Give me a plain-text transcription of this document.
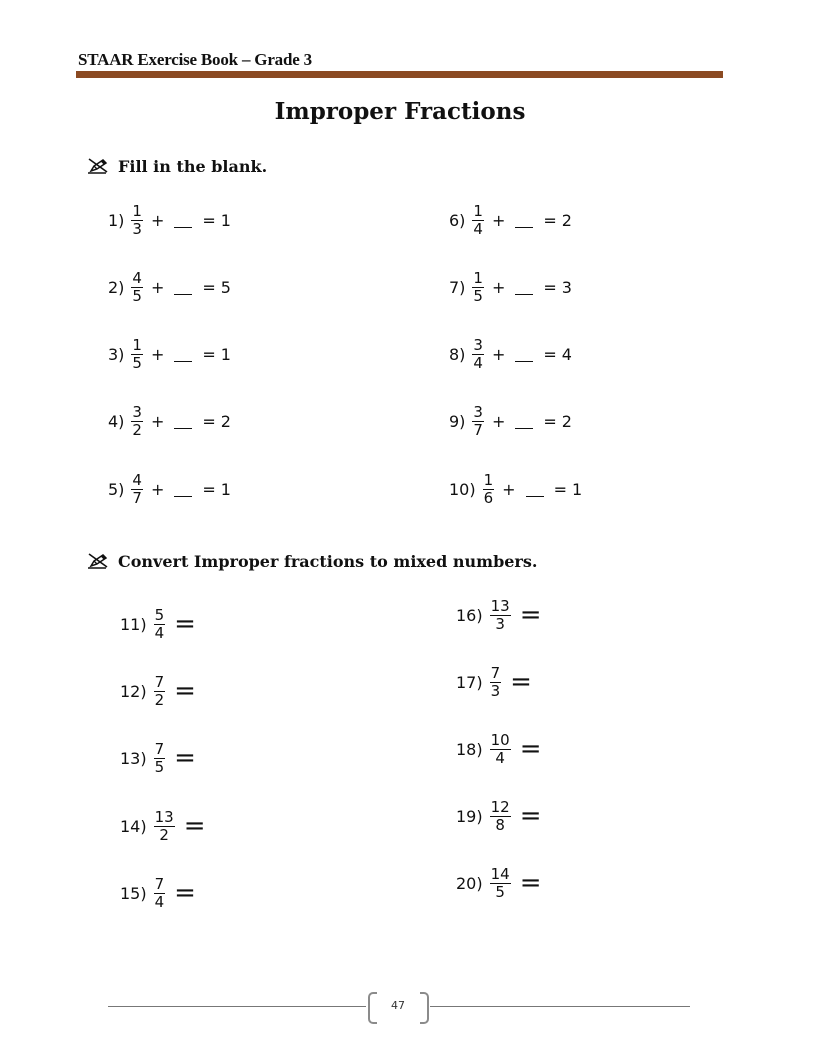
STAAR Exercise Book – Grade 3
Improper Fractions
Fill in the blank.
$1) \frac{1}{3}$ + = 1
$2) \frac{4}{5}$ + = 5
$3) \frac{1}{5}$ + = 1
$4) \frac{3}{2}$ + = 2
$5) \frac{4}{7}$ + = 1
$6) \frac{1}{4}$ + = 2
$7) \frac{1}{5}$ + = 3
$8) \frac{3}{4}$ + = 4
$9) \frac{3}{7}$ + = 2
$10) \frac{1}{6}$ + = 1
Convert Improper fractions to mixed numbers.
$11) \frac{5}{4}$ =
$12) \frac{7}{2}$ =
$13) \frac{7}{5}$ =
$14) \frac{13}{2}$ =
$15) \frac{7}{4}$ =
$16) \frac{13}{3}$ =
$17) \frac{7}{3}$ =
$18) \frac{10}{4}$ =
$19) \frac{12}{8}$ =
$20) \frac{14}{5}$ =
47
